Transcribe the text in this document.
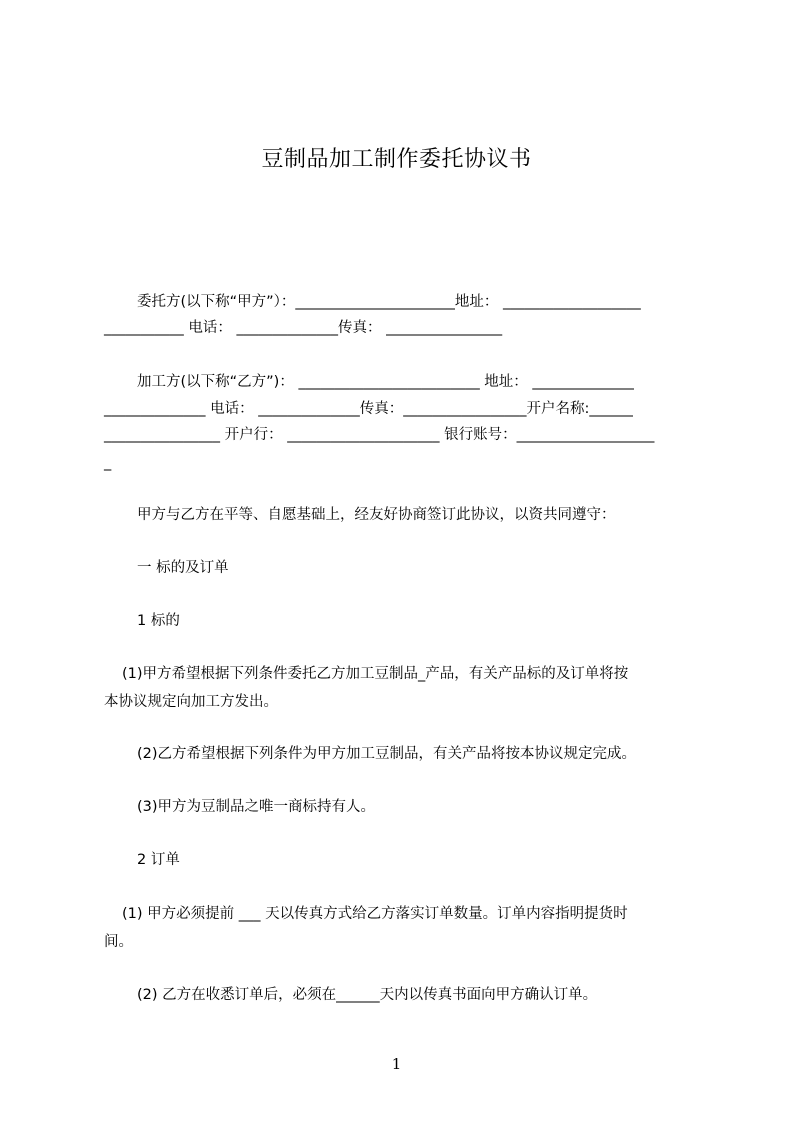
豆制品加工制作委托协议书
委托方(以下称“甲方”）：______________________地址： ___________________
___________ 电话： ______________传真： ________________
加工方(以下称“乙方”)： _________________________ 地址： ______________
______________ 电话： ______________传真：_________________开户名称:______
________________ 开户行： _____________________ 银行账号：___________________
_
甲方与乙方在平等、自愿基础上，经友好协商签订此协议，以资共同遵守：
一 标的及订单
1 标的
(1)甲方希望根据下列条件委托乙方加工豆制品_产品，有关产品标的及订单将按
本协议规定向加工方发出。
(2)乙方希望根据下列条件为甲方加工豆制品，有关产品将按本协议规定完成。
(3)甲方为豆制品之唯一商标持有人。
2 订单
(1) 甲方必须提前 ___ 天以传真方式给乙方落实订单数量。订单内容指明提货时
间。
(2) 乙方在收悉订单后，必须在______天内以传真书面向甲方确认订单。
1
